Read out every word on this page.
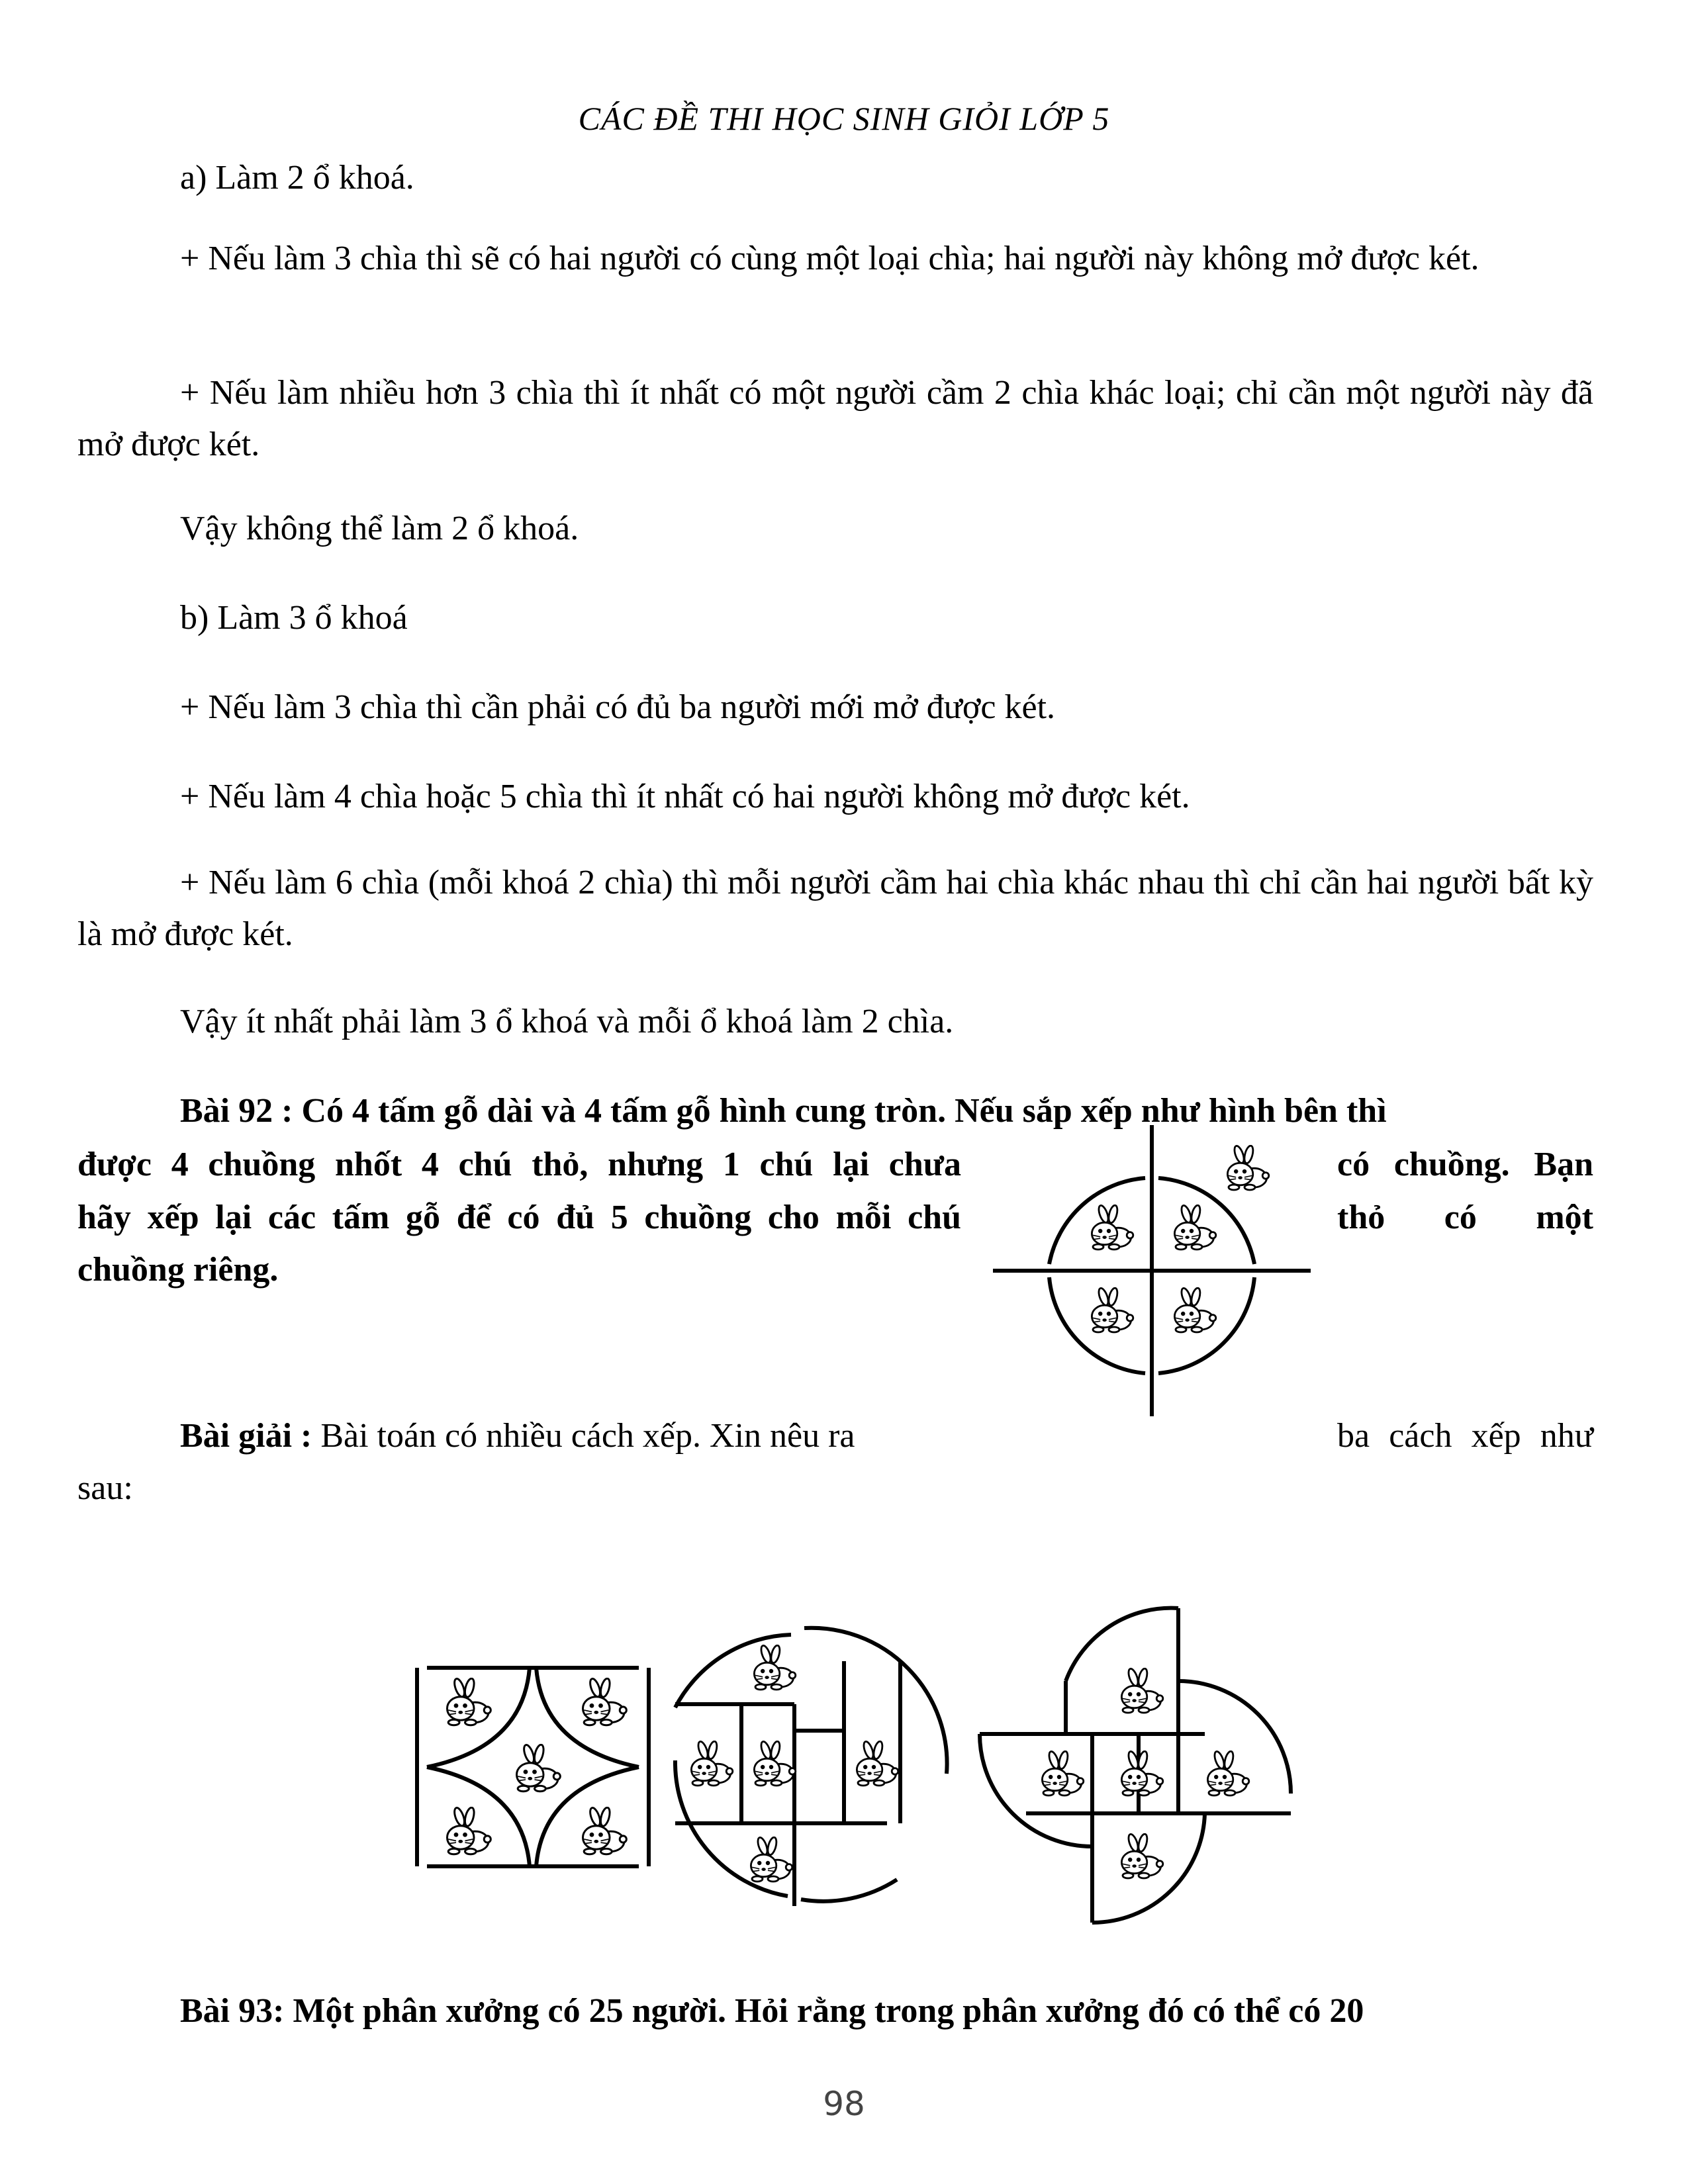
CÁC ĐỀ THI HỌC SINH GIỎI LỚP 5
a) Làm 2 ổ khoá.
+ Nếu làm 3 chìa thì sẽ có hai người có cùng một loại chìa; hai người này không mở được két.
+ Nếu làm nhiều hơn 3 chìa thì ít nhất có một người cầm 2 chìa khác loại; chỉ cần một người này đã mở được két.
Vậy không thể làm 2 ổ khoá.
b) Làm 3 ổ khoá
+ Nếu làm 3 chìa thì cần phải có đủ ba người mới mở được két.
+ Nếu làm 4 chìa hoặc 5 chìa thì ít nhất có hai người không mở được két.
+ Nếu làm 6 chìa (mỗi khoá 2 chìa) thì mỗi người cầm hai chìa khác nhau thì chỉ cần hai người bất kỳ là mở được két.
Vậy ít nhất phải làm 3 ổ khoá và mỗi ổ khoá làm 2 chìa.
Bài 92 : Có 4 tấm gỗ dài và 4 tấm gỗ hình cung tròn. Nếu sắp xếp như hình bên thì
được 4 chuồng nhốt 4 chú thỏ, nhưng 1 chú lại chưa	có chuồng. Bạn
hãy xếp lại các tấm gỗ để có đủ 5 chuồng cho mỗi chú	thỏ có một
chuồng riêng.
Bài giải : Bài toán có nhiều cách xếp. Xin nêu ra	ba cách xếp như
sau:
Bài 93: Một phân xưởng có 25 người. Hỏi rằng trong phân xưởng đó có thể có 20
98
